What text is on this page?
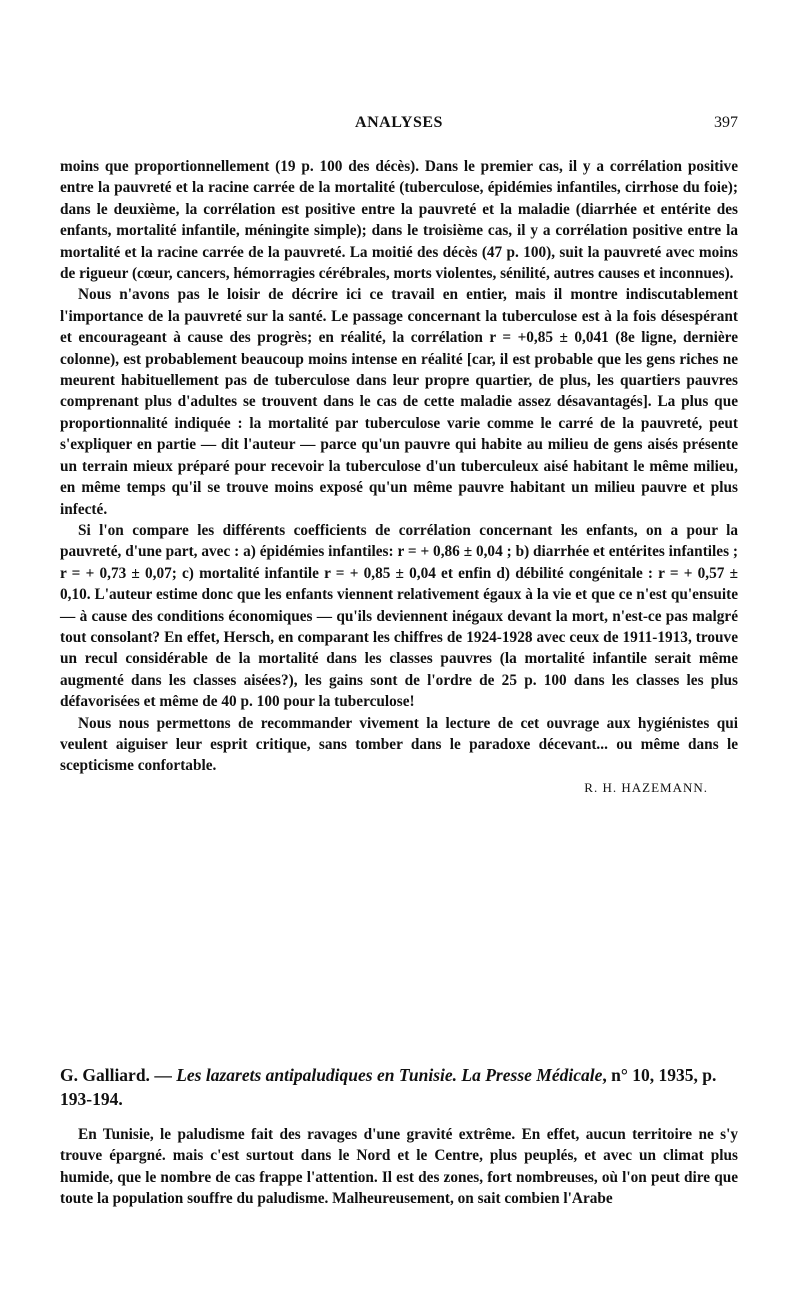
ANALYSES	397

moins que proportionnellement (19 p. 100 des décès). Dans le premier cas, il y a corrélation positive entre la pauvreté et la racine carrée de la mortalité (tuberculose, épidémies infantiles, cirrhose du foie); dans le deuxième, la corrélation est positive entre la pauvreté et la maladie (diarrhée et entérite des enfants, mortalité infantile, méningite simple); dans le troisième cas, il y a corrélation positive entre la mortalité et la racine carrée de la pauvreté. La moitié des décès (47 p. 100), suit la pauvreté avec moins de rigueur (cœur, cancers, hémorragies cérébrales, morts violentes, sénilité, autres causes et inconnues).

Nous n'avons pas le loisir de décrire ici ce travail en entier, mais il montre indiscutablement l'importance de la pauvreté sur la santé. Le passage concernant la tuberculose est à la fois désespérant et encourageant à cause des progrès; en réalité, la corrélation r = +0,85 ± 0,041 (8e ligne, dernière colonne), est probablement beaucoup moins intense en réalité [car, il est probable que les gens riches ne meurent habituellement pas de tuberculose dans leur propre quartier, de plus, les quartiers pauvres comprenant plus d'adultes se trouvent dans le cas de cette maladie assez désavantagés]. La plus que proportionnalité indiquée : la mortalité par tuberculose varie comme le carré de la pauvreté, peut s'expliquer en partie — dit l'auteur — parce qu'un pauvre qui habite au milieu de gens aisés présente un terrain mieux préparé pour recevoir la tuberculose d'un tuberculeux aisé habitant le même milieu, en même temps qu'il se trouve moins exposé qu'un même pauvre habitant un milieu pauvre et plus infecté.

Si l'on compare les différents coefficients de corrélation concernant les enfants, on a pour la pauvreté, d'une part, avec : a) épidémies infantiles: r = + 0,86 ± 0,04 ; b) diarrhée et entérites infantiles ; r = + 0,73 ± 0,07; c) mortalité infantile r = + 0,85 ± 0,04 et enfin d) débilité congénitale : r = + 0,57 ± 0,10. L'auteur estime donc que les enfants viennent relativement égaux à la vie et que ce n'est qu'ensuite — à cause des conditions économiques — qu'ils deviennent inégaux devant la mort, n'est-ce pas malgré tout consolant? En effet, Hersch, en comparant les chiffres de 1924-1928 avec ceux de 1911-1913, trouve un recul considérable de la mortalité dans les classes pauvres (la mortalité infantile serait même augmenté dans les classes aisées?), les gains sont de l'ordre de 25 p. 100 dans les classes les plus défavorisées et même de 40 p. 100 pour la tuberculose!

Nous nous permettons de recommander vivement la lecture de cet ouvrage aux hygiénistes qui veulent aiguiser leur esprit critique, sans tomber dans le paradoxe décevant... ou même dans le scepticisme confortable.

R. H. HAZEMANN.

G. Galliard. — Les lazarets antipaludiques en Tunisie. La Presse Médicale, n° 10, 1935, p. 193-194.

En Tunisie, le paludisme fait des ravages d'une gravité extrême. En effet, aucun territoire ne s'y trouve épargné. mais c'est surtout dans le Nord et le Centre, plus peuplés, et avec un climat plus humide, que le nombre de cas frappe l'attention. Il est des zones, fort nombreuses, où l'on peut dire que toute la population souffre du paludisme. Malheureusement, on sait combien l'Arabe
